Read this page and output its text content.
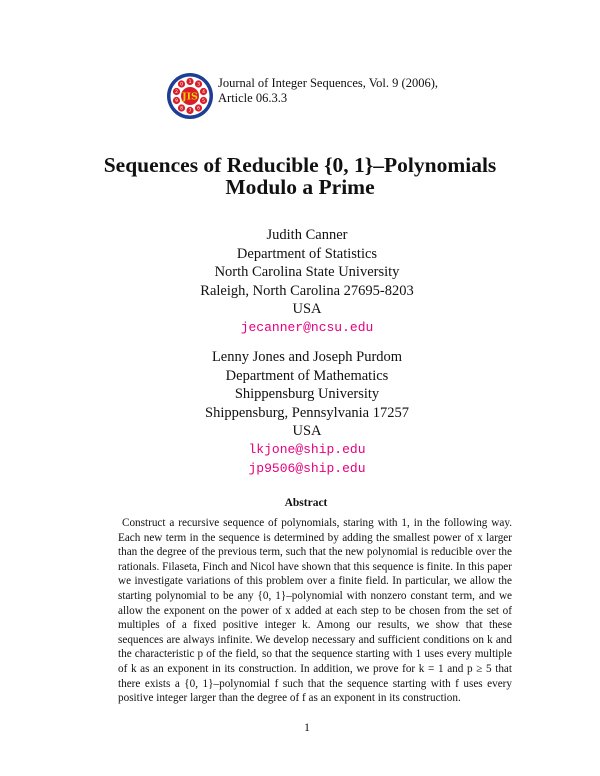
1 3
4
5
6
7
8
9
2
0
JIS
Journal of Integer Sequences, Vol. 9 (2006),
Article 06.3.3
Sequences of Reducible {0, 1}–Polynomials
Modulo a Prime
Judith Canner
Department of Statistics
North Carolina State University
Raleigh, North Carolina 27695-8203
USA
jecanner@ncsu.edu
Lenny Jones and Joseph Purdom
Department of Mathematics
Shippensburg University
Shippensburg, Pennsylvania 17257
USA
lkjone@ship.edu
jp9506@ship.edu
Abstract
Construct a recursive sequence of polynomials, staring with 1, in the following way. Each new term in the sequence is determined by adding the smallest power of x larger than the degree of the previous term, such that the new polynomial is reducible over the rationals. Filaseta, Finch and Nicol have shown that this sequence is finite. In this paper we investigate variations of this problem over a finite field. In particular, we allow the starting polynomial to be any {0, 1}–polynomial with nonzero constant term, and we allow the exponent on the power of x added at each step to be chosen from the set of multiples of a fixed positive integer k. Among our results, we show that these sequences are always infinite. We develop necessary and sufficient conditions on k and the characteristic p of the field, so that the sequence starting with 1 uses every multiple of k as an exponent in its construction. In addition, we prove for k = 1 and p ≥ 5 that there exists a {0, 1}–polynomial f such that the sequence starting with f uses every positive integer larger than the degree of f as an exponent in its construction.
1
